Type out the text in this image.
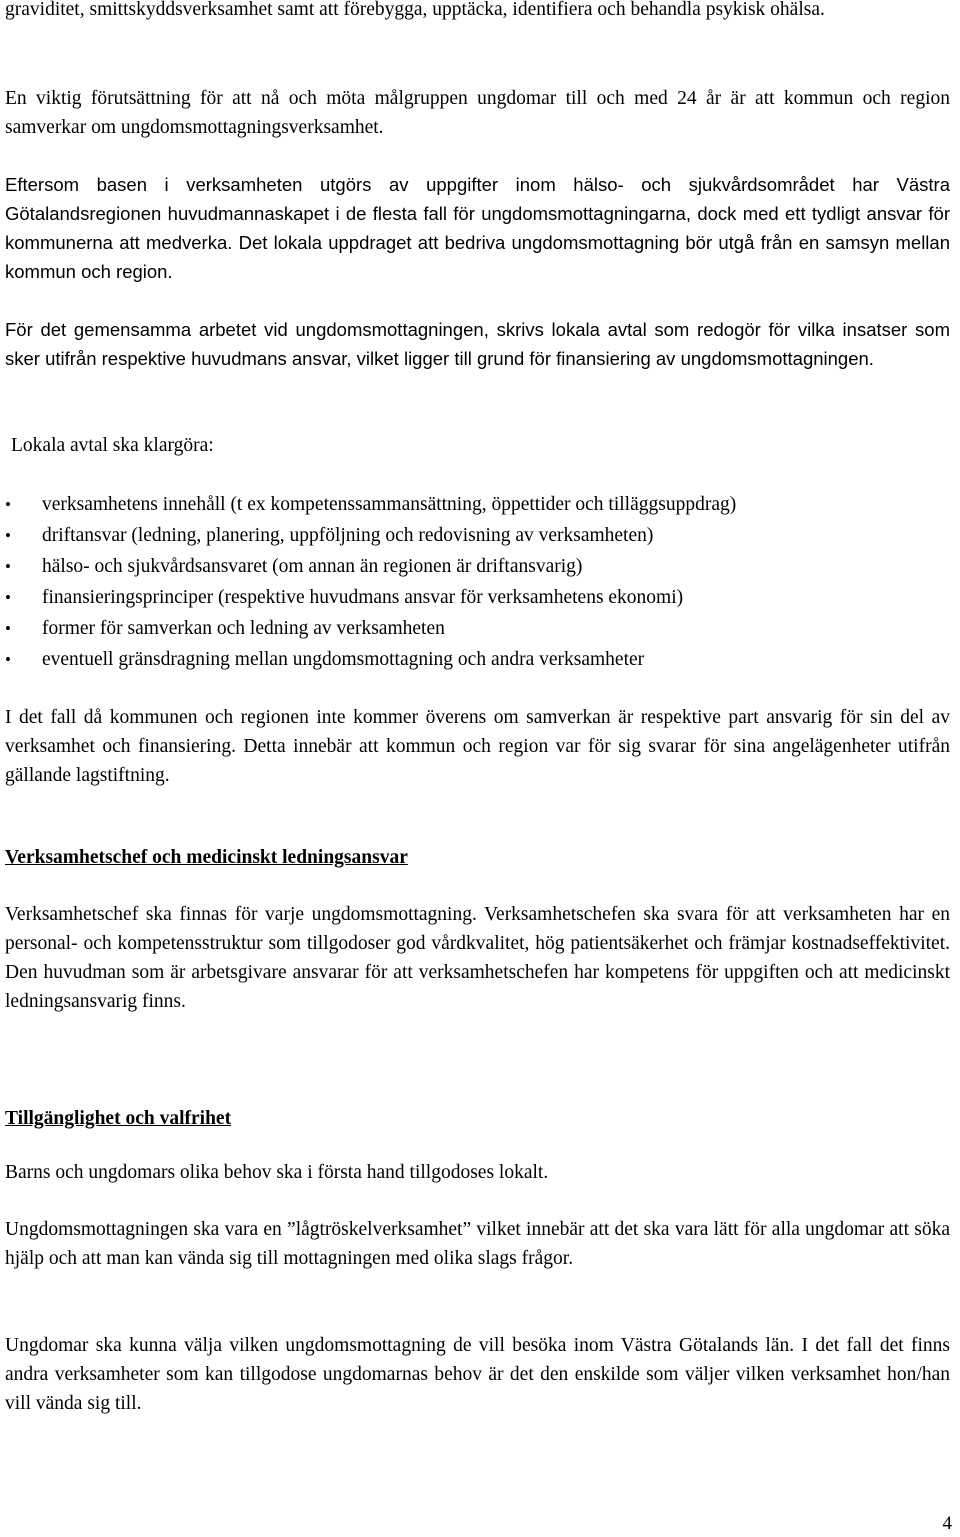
graviditet, smittskyddsverksamhet samt att förebygga, upptäcka, identifiera och behandla psykisk ohälsa.

En viktig förutsättning för att nå och möta målgruppen ungdomar till och med 24 år är att kommun och region samverkar om ungdomsmottagningsverksamhet.

Eftersom basen i verksamheten utgörs av uppgifter inom hälso- och sjukvårdsområdet har Västra Götalandsregionen huvudmannaskapet i de flesta fall för ungdomsmottagningarna, dock med ett tydligt ansvar för kommunerna att medverka. Det lokala uppdraget att bedriva ungdomsmottagning bör utgå från en samsyn mellan kommun och region.

För det gemensamma arbetet vid ungdomsmottagningen, skrivs lokala avtal som redogör för vilka insatser som sker utifrån respektive huvudmans ansvar, vilket ligger till grund för finansiering av ungdomsmottagningen.

Lokala avtal ska klargöra:

• verksamhetens innehåll (t ex kompetenssammansättning, öppettider och tilläggsuppdrag)
• driftansvar (ledning, planering, uppföljning och redovisning av verksamheten)
• hälso- och sjukvårdsansvaret (om annan än regionen är driftansvarig)
• finansieringsprinciper (respektive huvudmans ansvar för verksamhetens ekonomi)
• former för samverkan och ledning av verksamheten
• eventuell gränsdragning mellan ungdomsmottagning och andra verksamheter

I det fall då kommunen och regionen inte kommer överens om samverkan är respektive part ansvarig för sin del av verksamhet och finansiering. Detta innebär att kommun och region var för sig svarar för sina angelägenheter utifrån gällande lagstiftning.

Verksamhetschef och medicinskt ledningsansvar

Verksamhetschef ska finnas för varje ungdomsmottagning. Verksamhetschefen ska svara för att verksamheten har en personal- och kompetensstruktur som tillgodoser god vårdkvalitet, hög patientsäkerhet och främjar kostnadseffektivitet. Den huvudman som är arbetsgivare ansvarar för att verksamhetschefen har kompetens för uppgiften och att medicinskt ledningsansvarig finns.

Tillgänglighet och valfrihet

Barns och ungdomars olika behov ska i första hand tillgodoses lokalt.

Ungdomsmottagningen ska vara en ”lågtröskelverksamhet” vilket innebär att det ska vara lätt för alla ungdomar att söka hjälp och att man kan vända sig till mottagningen med olika slags frågor.

Ungdomar ska kunna välja vilken ungdomsmottagning de vill besöka inom Västra Götalands län. I det fall det finns andra verksamheter som kan tillgodose ungdomarnas behov är det den enskilde som väljer vilken verksamhet hon/han vill vända sig till.

4
